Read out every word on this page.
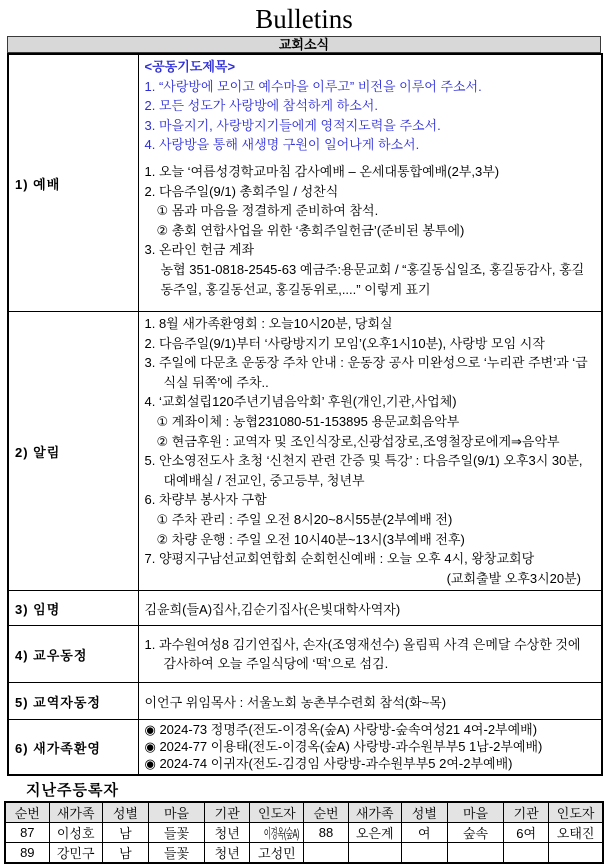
Bulletins
교회소식
1) 예배	
<공동기도제목>
1. “사랑방에 모이고 예수마을 이루고” 비전을 이루어 주소서.
2. 모든 성도가 사랑방에 참석하게 하소서.
3. 마을지기, 사랑방지기들에게 영적지도력을 주소서.
4. 사랑방을 통해 새생명 구원이 일어나게 하소서.
1. 오늘 ‘여름성경학교마침 감사예배 – 온세대통합예배(2부,3부)
2. 다음주일(9/1) 총회주일 / 성찬식
① 몸과 마음을 정결하게 준비하여 참석.
② 총회 연합사업을 위한 ‘총회주일헌금’(준비된 봉투에)
3. 온라인 헌금 계좌
농협 351-0818-2545-63 예금주:용문교회 / “홍길동십일조, 홍길동감사, 홍길동주일, 홍길동선교, 홍길동위로,....” 이렇게 표기

2) 알림	
1. 8월 새가족환영회 : 오늘10시20분, 당회실
2. 다음주일(9/1)부터 ‘사랑방지기 모임’(오후1시10분), 사랑방 모임 시작
3. 주일에 다문초 운동장 주차 안내 : 운동장 공사 미완성으로 ‘누리관 주변’과 ‘급식실 뒤쪽’에 주차..
4. ‘교회설립120주년기념음악회’ 후원(개인,기관,사업체)
① 계좌이체 : 농협231080-51-153895 용문교회음악부
② 현금후원 : 교역자 및 조인식장로,신광섭장로,조영철장로에게⇒음악부
5. 안소영전도사 초청 ‘신천지 관련 간증 및 특강’ : 다음주일(9/1) 오후3시 30분, 대예배실 / 전교인, 중고등부, 청년부
6. 차량부 봉사자 구함
① 주차 관리 : 주일 오전 8시20~8시55분(2부예배 전)
② 차량 운행 : 주일 오전 10시40분~13시(3부예배 전후)
7. 양평지구남선교회연합회 순회헌신예배 : 오늘 오후 4시, 왕창교회당
(교회출발 오후3시20분)

3) 임명	김윤희(들A)집사,김순기집사(은빛대학사역자)
4) 교우동정	1. 과수원여성8 김기연집사, 손자(조영재선수) 올림픽 사격 은메달 수상한 것에 감사하여 오늘 주일식당에 ‘떡’으로 섬김.

5) 교역자동정	이언구 위임목사 : 서울노회 농촌부수련회 참석(화~목)
6) 새가족환영	◉ 2024-73 정명주(전도-이경옥(숲A) 사랑방-숲속여성21 4여-2부예배)
◉ 2024-77 이용태(전도-이경옥(숲A) 사랑방-과수원부부5 1남-2부예배)
◉ 2024-74 이귀자(전도-김경임 사랑방-과수원부부5 2여-2부예배)
지난주등록자
순번	새가족	성별	마을	기관	인도자	순번	새가족	성별	마을	기관	인도자
87	이성호	남	들꽃	청년	이경옥(숲A)	88	오은계	여	숲속	6여	오태진
89	강민구	남	들꽃	청년	고성민						
